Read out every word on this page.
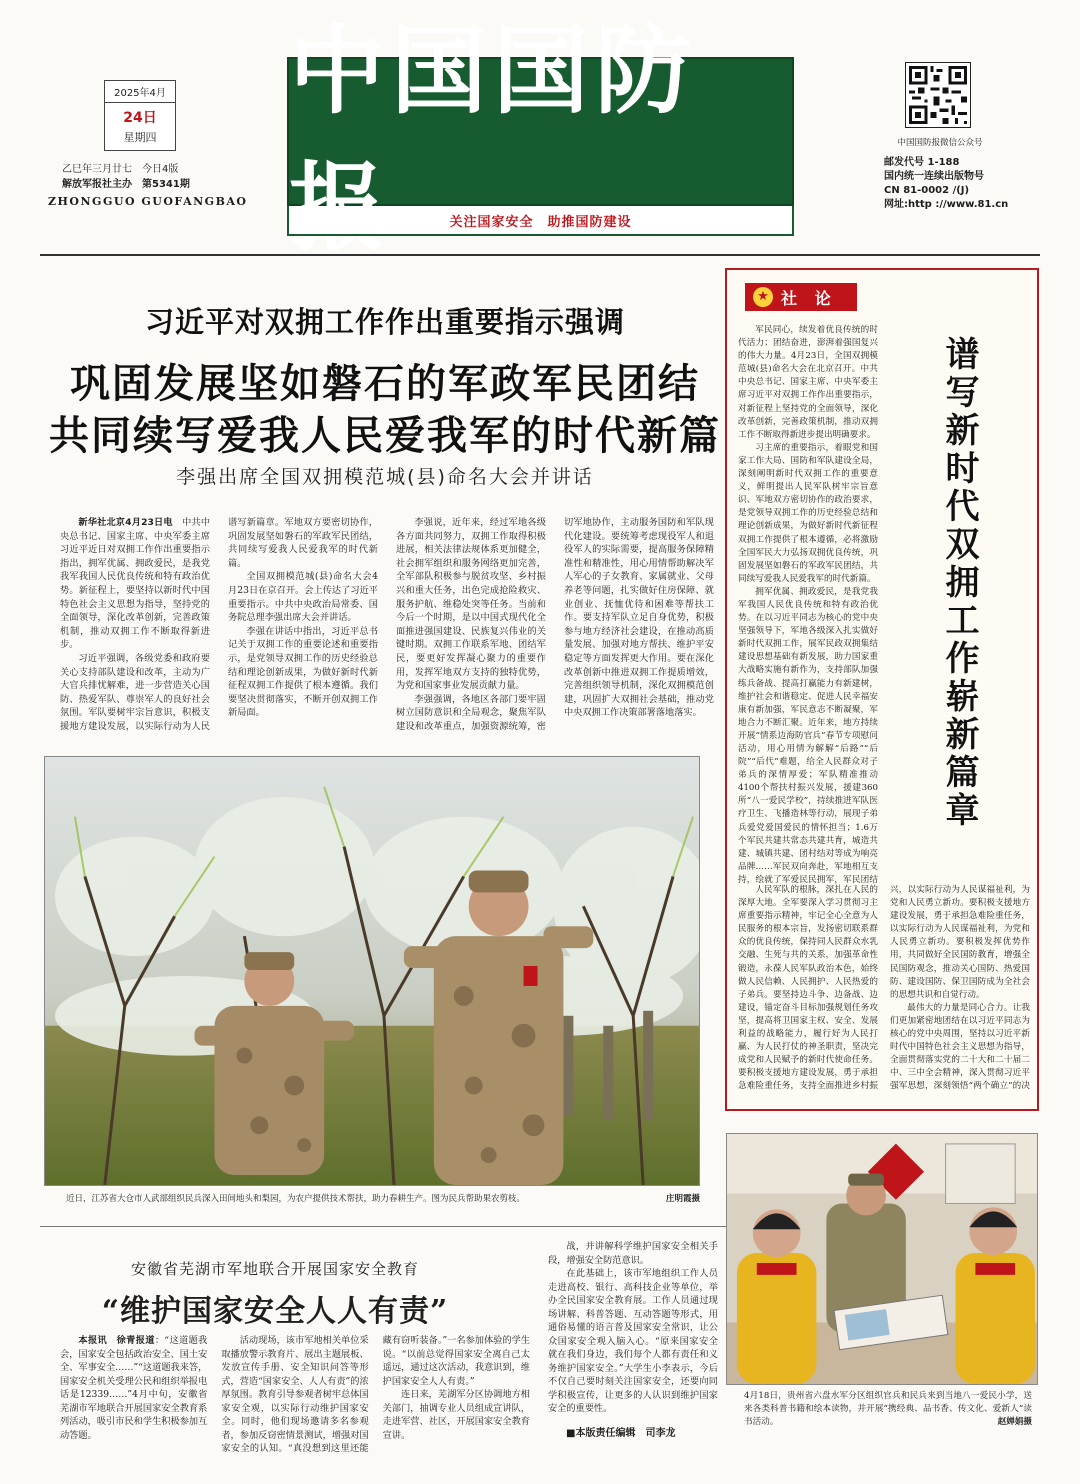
2025年4月
24日
星期四
乙巳年三月廿七 今日4版
解放军报社主办 第5341期
ZHONGGUO GUOFANGBAO
中国国防
关注国家安全　助推国防建设
中国国防报微信公众号
邮发代号 1-188
国内统一连续出版物号
CN 81-0002 /(J)
网址:http ://www.81.cn
习近平对双拥工作作出重要指示强调
巩固发展坚如磐石的军政军民团结
共同续写爱我人民爱我军的时代新篇
李强出席全国双拥模范城(县)命名大会并讲话

新华社北京4月23日电　 中共中央总书记、国家主席、中央军委主席习近平近日对双拥工作作出重要指示指出，拥军优属、拥政爱民，是我党我军我国人民优良传统和特有政治优势。新征程上，要坚持以新时代中国特色社会主义思想为指导，坚持党的全面领导，深化改革创新，完善政策机制，推动双拥工作不断取得新进步。

习近平强调，各级党委和政府要关心支持部队建设和改革，主动为广大官兵排忧解难，进一步营造关心国防、热爱军队、尊崇军人的良好社会氛围。军队要树牢宗旨意识，积极支援地方建设发展，以实际行动为人民谱写新篇章。军地双方要密切协作，巩固发展坚如磐石的军政军民团结，共同续写爱我人民爱我军的时代新篇。

全国双拥模范城(县)命名大会4月23日在京召开。会上传达了习近平重要指示。中共中央政治局常委、国务院总理李强出席大会并讲话。

李强在讲话中指出，习近平总书记关于双拥工作的重要论述和重要指示，是党领导双拥工作的历史经验总结和理论创新成果，为做好新时代新征程双拥工作提供了根本遵循。我们要坚决贯彻落实，不断开创双拥工作新局面。

李强说，近年来，经过军地各级各方面共同努力，双拥工作取得积极进展，相关法律法规体系更加健全，社会拥军组织和服务网络更加完善，全军部队积极参与脱贫攻坚、乡村振兴和重大任务，出色完成抢险救灾、服务护航、维稳处突等任务。当前和今后一个时期，是以中国式现代化全面推进强国建设、民族复兴伟业的关键时期。双拥工作联系军地、团结军民，要更好发挥凝心聚力的重要作用，发挥军地双方支持的独特优势，为党和国家事业发展贡献力量。

李强强调，各地区各部门要牢固树立国防意识和全局观念，聚焦军队建设和改革重点，加强资源统筹，密切军地协作，主动服务国防和军队现代化建设。要统筹考虑现役军人和退役军人的实际需要，提高服务保障精准性和精准性，用心用情帮助解决军人军心的子女教育、家属就业、父母养老等问题，扎实做好住房保障、就业创业、抚恤优待和困难等帮扶工作。要支持军队立足自身优势，积极参与地方经济社会建设，在推动高质量发展、加强对地方帮扶、维护平安稳定等方面发挥更大作用。要在深化改革创新中推进双拥工作提质增效，完善组织领导机制，深化双拥模范创建，巩固扩大双拥社会基础，推动党中央双拥工作决策部署落地落实。

近日，江苏省大仓市人武部组织民兵深入田间地头和梨园，为农户提供技术帮扶，助力春耕生产。图为民兵帮助果农剪枝。	庄明霞摄
安徽省芜湖市军地联合开展国家安全教育
“维护国家安全人人有责”

本报讯　徐青报道：“这道题我会，国家安全包括政治安全、国土安全、军事安全……”“这道题我来答，国家安全机关受理公民和组织举报电话是12339……”4月中旬，安徽省芜湖市军地联合开展国家安全教育系列活动，吸引市民和学生积极参加互动答题。

活动现场，该市军地相关单位采取播放警示教育片、展出主题展板、发放宣传手册、安全知识问答等形式，营造“国家安全、人人有责”的浓厚氛围。教育引导参观者树牢总体国家安全观，以实际行动维护国家安全。同时，他们现场邀请多名参观者，参加反窃密情景测试，增强对国家安全的认知。“真没想到这里还能藏有窃听装备。”一名参加体验的学生说。“以前总觉得国家安全离自己太遥远，通过这次活动，我意识到，维护国家安全人人有责。”

连日来，芜湖军分区协调地方相关部门，抽调专业人员组成宣讲队，走进军营、社区，开展国家安全教育宣讲。

战，并讲解科学维护国家安全相关手段，增强安全防范意识。

在此基础上，该市军地组织工作人员走进高校、银行、高科技企业等单位，举办全民国家安全教育展。工作人员通过现场讲解、科普答题、互动答题等形式，用通俗易懂的语言普及国家安全常识，让公众国家安全观入脑入心。“原来国家安全就在我们身边，我们每个人都有责任和义务维护国家安全。”大学生小李表示，今后不仅自己要时刻关注国家安全，还要向同学积极宣传，让更多的人认识到维护国家安全的重要性。

■本版责任编辑　司李龙
★ 社 论

军民同心，续发着优良传统的时代活力；团结奋进，澎湃着强国复兴的伟大力量。4月23日，全国双拥模范城(县)命名大会在北京召开。中共中央总书记、国家主席、中央军委主席习近平对双拥工作作出重要指示，对新征程上坚持党的全面领导，深化改革创新，完善政策机制，推动双拥工作不断取得新进步提出明确要求。

习主席的重要指示，着眼党和国家工作大局、国防和军队建设全局，深刻阐明新时代双拥工作的重要意义，鲜明提出人民军队树牢宗旨意识、军地双方密切协作的政治要求，是党领导双拥工作的历史经验总结和理论创新成果，为做好新时代新征程双拥工作提供了根本遵循，必将激励全国军民大力弘扬双拥优良传统，巩固发展坚如磐石的军政军民团结，共同续写爱我人民爱我军的时代新篇。

拥军优属、拥政爱民，是我党我军我国人民优良传统和特有政治优势。在以习近平同志为核心的党中央坚强领导下，军地各级深入扎实做好新时代双拥工作，展军民政双拥集结建设思想基础有新发展，助力国家重大战略实施有新作为，支持部队加强练兵备战、提高打赢能力有新建树，维护社会和谐稳定、促进人民幸福安康有新加强，军民意志不断凝聚，军地合力不断汇聚。近年来，地方持续开展“情系边海防官兵”春节专项慰问活动，用心用情为解解“后路”“后院”“后代”难题，给全人民群众对子弟兵的深情厚爱；军队精准推动4100个帮扶村振兴发展，援建360所“八一爱民学校”，持续推进军队医疗卫生、飞播造林等行动，展现子弟兵爱党爱国爱民的情怀担当；1.6万个军民共建共常态共建共育，城造共建、城镇共建、团村结对等成为响亮品牌……军民双向奔赴，军地相互支持，绘就了军爱民民拥军，军民团结

谱写新时代双拥工作崭新篇章

人民军队的根脉，深扎在人民的深厚大地。全军要深入学习贯彻习主席重要指示精神，牢记全心全意为人民服务的根本宗旨，发扬密切联系群众的优良传统，保持同人民群众水乳交融、生死与共的关系，加强革命性锻造，永葆人民军队政治本色，始终做人民信赖、人民拥护、人民热爱的子弟兵。要坚持边斗争、边备战、边建设，锚定奋斗目标加强规划任务攻坚，提高将卫国家主权、安全、发展利益的战略能力，履行好为人民打赢、为人民打仗的神圣职责，坚决完成党和人民赋予的新时代使命任务。要积极支援地方建设发展，勇于承担急难险重任务，支持全面推进乡村振兴，以实际行动为人民谋福祉利，为党和人民勇立新功。要积极支援地方建设发展，勇于承担急难险重任务，以实际行动为人民谋福祉利，为党和人民勇立新功。要积极发挥优势作用，共同做好全民国防教育，增强全民国防观念，推动关心国防、热爱国防、建设国防、保卫国防成为全社会的思想共识和自觉行动。

最伟大的力量是同心合力。让我们更加紧密地团结在以习近平同志为核心的党中央周围，坚持以习近平新时代中国特色社会主义思想为指导，全面贯彻落实党的二十大和二十届二中、三中全会精神，深入贯彻习近平强军思想，深刻领悟“两个确立”的决

4月18日，贵州省六盘水军分区组织官兵和民兵来到当地八一爱民小学，送来各类科普书籍和绘本读物，并开展“携经典、品书香、传文化、爱新人”读书活动。	赵婵娟摄
